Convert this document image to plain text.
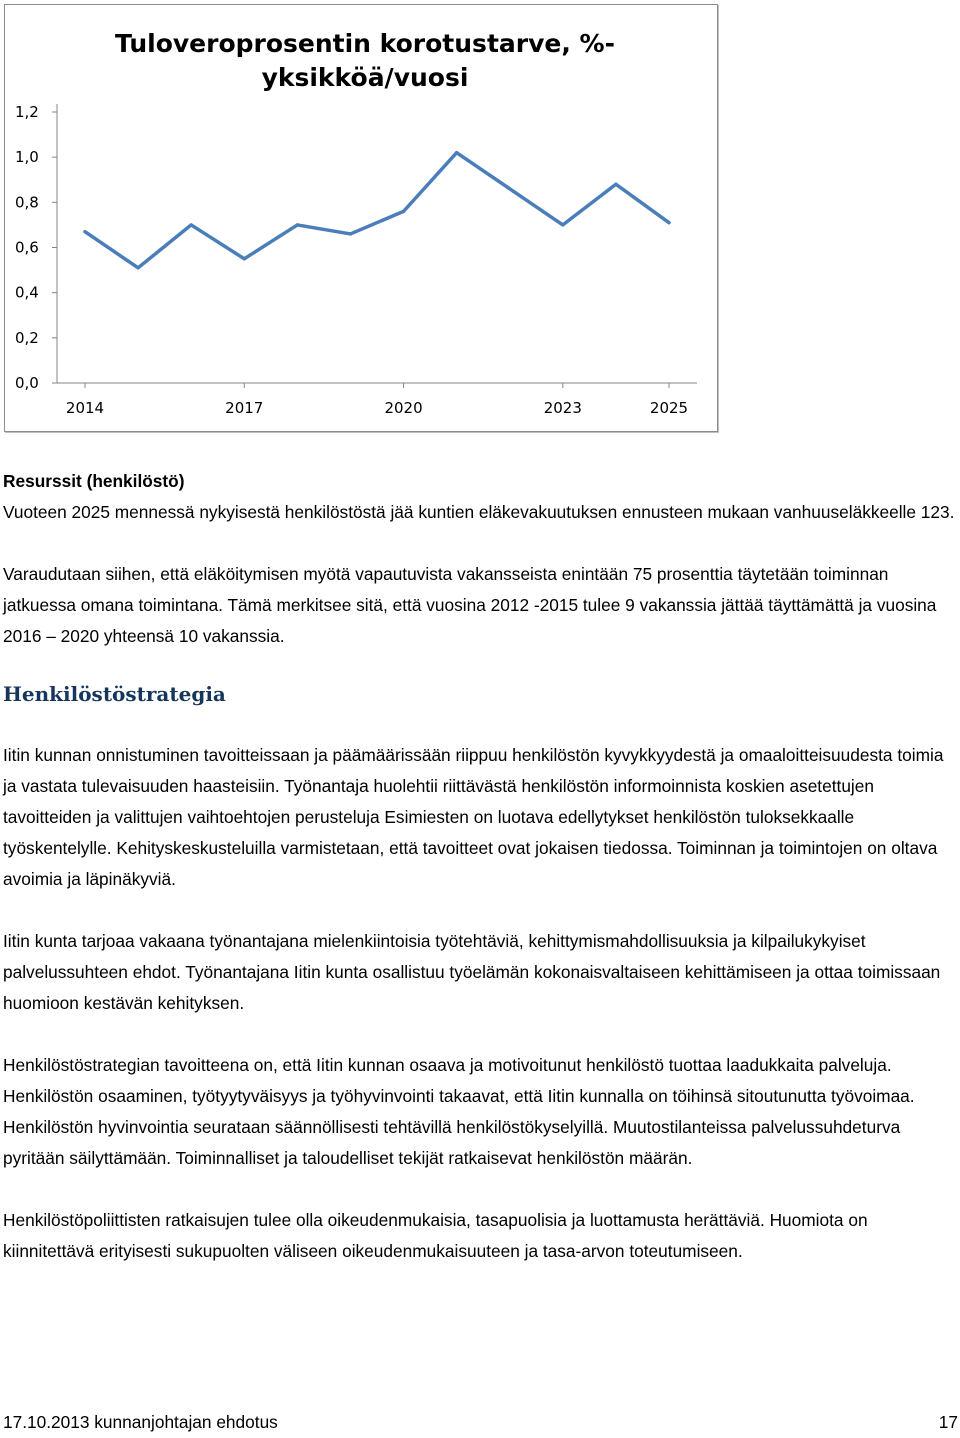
Tuloveroprosentin korotustarve, %-
yksikköä/vuosi
1,2
1,0
0,8
0,6
0,4
0,2
0,0
2014	2017	2020	2023	2025

Resurssit (henkilöstö)

Vuoteen 2025 mennessä nykyisestä henkilöstöstä jää kuntien eläkevakuutuksen ennusteen mukaan vanhuuseläkkeelle 123.

Varaudutaan siihen, että eläköitymisen myötä vapautuvista vakansseista enintään 75 prosenttia täytetään toiminnan jatkuessa omana toimintana. Tämä merkitsee sitä, että vuosina 2012 -2015 tulee 9 vakanssia jättää täyttämättä ja vuosina 2016 – 2020 yhteensä 10 vakanssia.

Henkilöstöstrategia

Iitin kunnan onnistuminen tavoitteissaan ja päämäärissään riippuu henkilöstön kyvykkyydestä ja omaaloitteisuudesta toimia ja vastata tulevaisuuden haasteisiin. Työnantaja huolehtii riittävästä henkilöstön informoinnista koskien asetettujen tavoitteiden ja valittujen vaihtoehtojen perusteluja Esimiesten on luotava edellytykset henkilöstön tuloksekkaalle työskentelylle. Kehityskeskusteluilla varmistetaan, että tavoitteet ovat jokaisen tiedossa. Toiminnan ja toimintojen on oltava avoimia ja läpinäkyviä.

Iitin kunta tarjoaa vakaana työnantajana mielenkiintoisia työtehtäviä, kehittymismahdollisuuksia ja kilpailukykyiset palvelussuhteen ehdot. Työnantajana Iitin kunta osallistuu työelämän kokonaisvaltaiseen kehittämiseen ja ottaa toimissaan huomioon kestävän kehityksen.

Henkilöstöstrategian tavoitteena on, että Iitin kunnan osaava ja motivoitunut henkilöstö tuottaa laadukkaita palveluja. Henkilöstön osaaminen, työtyytyväisyys ja työhyvinvointi takaavat, että Iitin kunnalla on töihinsä sitoutunutta työvoimaa. Henkilöstön hyvinvointia seurataan säännöllisesti tehtävillä henkilöstökyselyillä. Muutostilanteissa palvelussuhdeturva pyritään säilyttämään. Toiminnalliset ja taloudelliset tekijät ratkaisevat henkilöstön määrän.

Henkilöstöpoliittisten ratkaisujen tulee olla oikeudenmukaisia, tasapuolisia ja luottamusta herättäviä. Huomiota on kiinnitettävä erityisesti sukupuolten väliseen oikeudenmukaisuuteen ja tasa-arvon toteutumiseen.

17.10.2013 kunnanjohtajan ehdotus	17
